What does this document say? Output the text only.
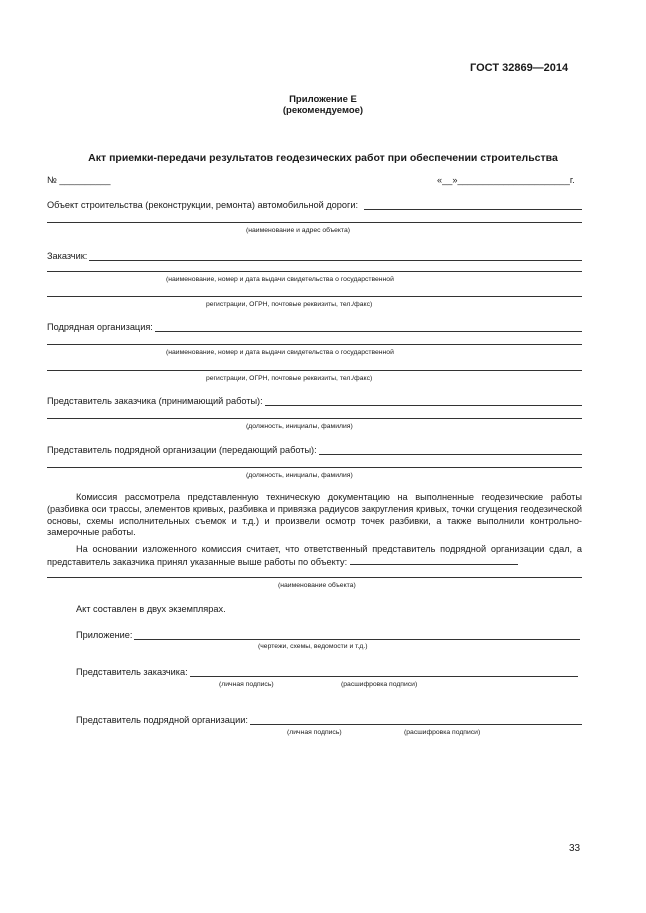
ГОСТ 32869—2014
Приложение Е
(рекомендуемое)
Акт приемки-передачи результатов геодезических работ при обеспечении строительства
№ __________	«__»______________________г.
Объект строительства (реконструкции, ремонта) автомобильной дороги:
(наименование и адрес объекта)
Заказчик:
(наименование, номер и дата выдачи свидетельства о государственной
регистрации, ОГРН, почтовые реквизиты, тел./факс)
Подрядная организация:
(наименование, номер и дата выдачи свидетельства о государственной
регистрации, ОГРН, почтовые реквизиты, тел./факс)
Представитель заказчика (принимающий работы):
(должность, инициалы, фамилия)
Представитель подрядной организации (передающий работы):
(должность, инициалы, фамилия)
Комиссия рассмотрела представленную техническую документацию на выполненные геодезические работы (разбивка оси трассы, элементов кривых, разбивка и привязка радиусов закругления кривых, точки сгущения геодезической основы, схемы исполнительных съемок и т.д.) и произвели осмотр точек разбивки, а также выполнили контрольно-замерочные работы.
На основании изложенного комиссия считает, что ответственный представитель подрядной организации сдал, а представитель заказчика принял указанные выше работы по объекту:
(наименование объекта)
Акт составлен в двух экземплярах.
Приложение:
(чертежи, схемы, ведомости и т.д.)
Представитель заказчика:
(личная подпись)	(расшифровка подписи)
Представитель подрядной организации:
(личная подпись)	(расшифровка подписи)
33
